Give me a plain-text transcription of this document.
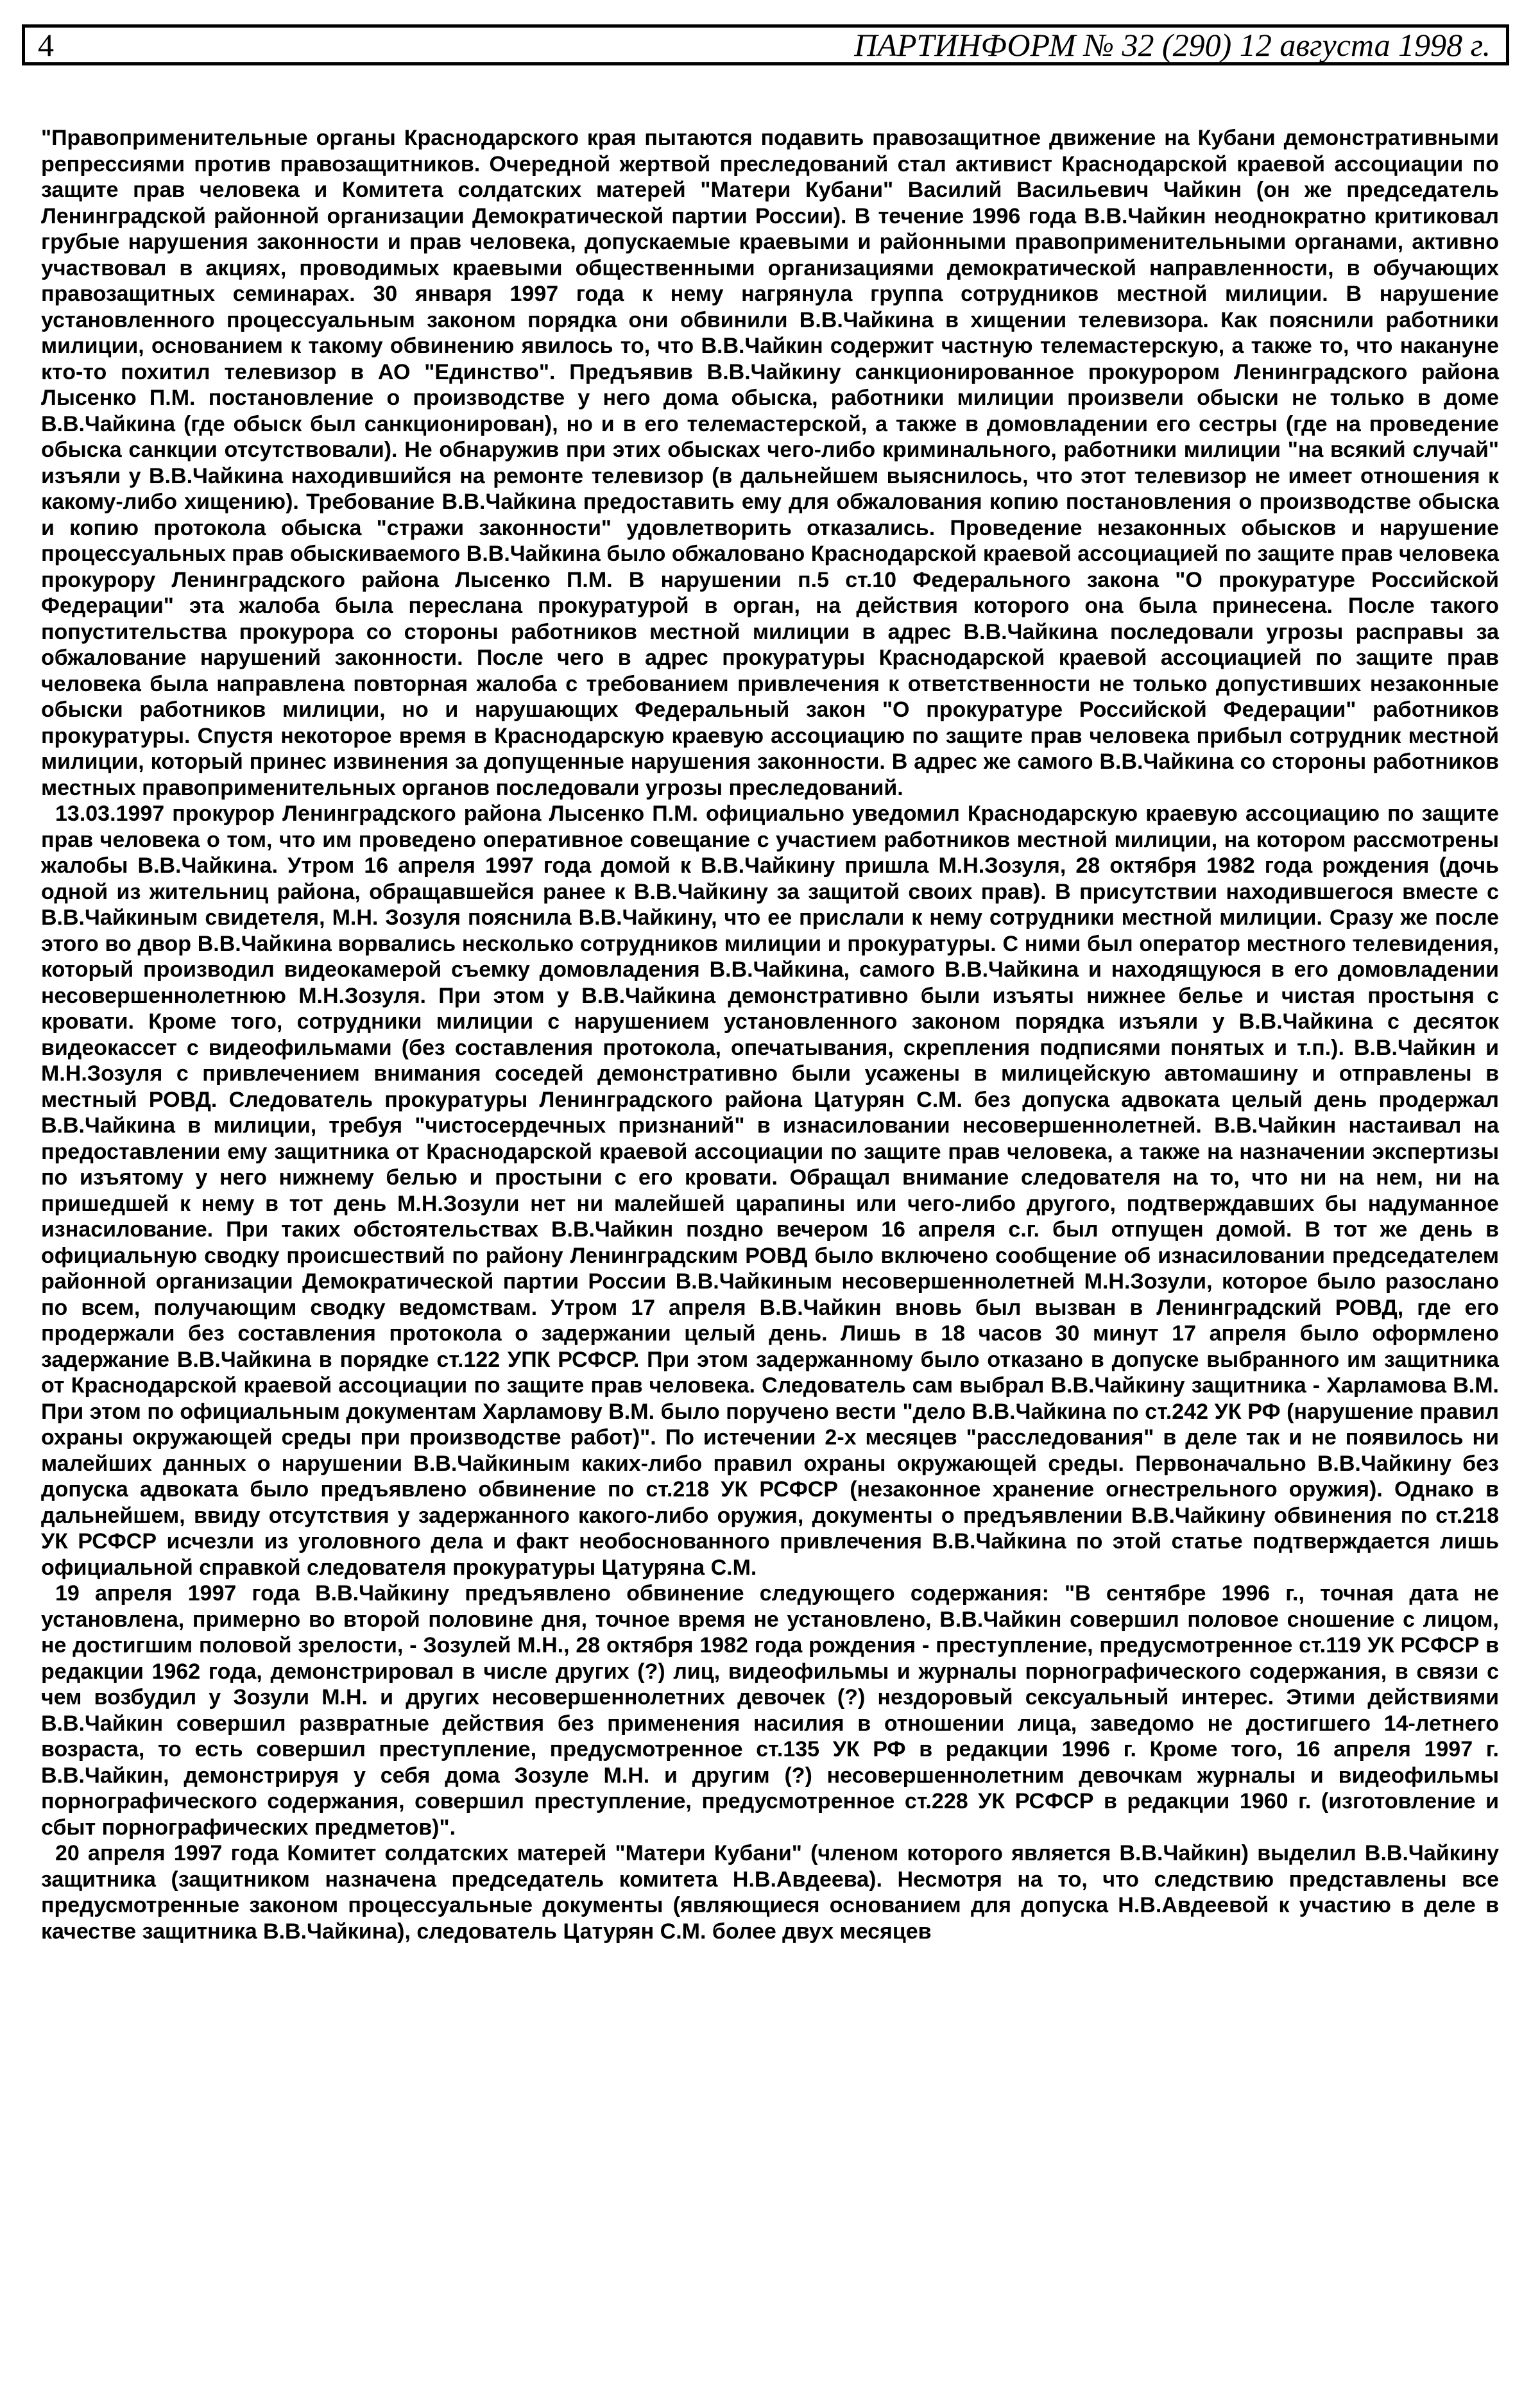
4	ПАРТИНФОРМ № 32 (290) 12 августа 1998 г.

"Правоприменительные органы Краснодарского края пытаются подавить правозащитное движение на Кубани демонстративными репрессиями против правозащитников. Очередной жертвой преследований стал активист Краснодарской краевой ассоциации по защите прав человека и Комитета солдатских матерей "Матери Кубани" Василий Васильевич Чайкин (он же председатель Ленинградской районной организации Демократической партии России). В течение 1996 года В.В.Чайкин неоднократно критиковал грубые нарушения законности и прав человека, допускаемые краевыми и районными правоприменительными органами, активно участвовал в акциях, проводимых краевыми общественными организациями демократической направленности, в обучающих правозащитных семинарах. 30 января 1997 года к нему нагрянула группа сотрудников местной милиции. В нарушение установленного процессуальным законом порядка они обвинили В.В.Чайкина в хищении телевизора. Как пояснили работники милиции, основанием к такому обвинению явилось то, что В.В.Чайкин содержит частную телемастерскую, а также то, что накануне кто-то похитил телевизор в АО "Единство". Предъявив В.В.Чайкину санкционированное прокурором Ленинградского района Лысенко П.М. постановление о производстве у него дома обыска, работники милиции произвели обыски не только в доме В.В.Чайкина (где обыск был санкционирован), но и в его телемастерской, а также в домовладении его сестры (где на проведение обыска санкции отсутствовали). Не обнаружив при этих обысках чего-либо криминального, работники милиции "на всякий случай" изъяли у В.В.Чайкина находившийся на ремонте телевизор (в дальнейшем выяснилось, что этот телевизор не имеет отношения к какому-либо хищению). Требование В.В.Чайкина предоставить ему для обжалования копию постановления о производстве обыска и копию протокола обыска "стражи законности" удовлетворить отказались. Проведение незаконных обысков и нарушение процессуальных прав обыскиваемого В.В.Чайкина было обжаловано Краснодарской краевой ассоциацией по защите прав человека прокурору Ленинградского района Лысенко П.М. В нарушении п.5 ст.10 Федерального закона "О прокуратуре Российской Федерации" эта жалоба была переслана прокуратурой в орган, на действия которого она была принесена. После такого попустительства прокурора со стороны работников местной милиции в адрес В.В.Чайкина последовали угрозы расправы за обжалование нарушений законности. После чего в адрес прокуратуры Краснодарской краевой ассоциацией по защите прав человека была направлена повторная жалоба с требованием привлечения к ответственности не только допустивших незаконные обыски работников милиции, но и нарушающих Федеральный закон "О прокуратуре Российской Федерации" работников прокуратуры. Спустя некоторое время в Краснодарскую краевую ассоциацию по защите прав человека прибыл сотрудник местной милиции, который принес извинения за допущенные нарушения законности. В адрес же самого В.В.Чайкина со стороны работников местных правоприменительных органов последовали угрозы преследований.

13.03.1997 прокурор Ленинградского района Лысенко П.М. официально уведомил Краснодарскую краевую ассоциацию по защите прав человека о том, что им проведено оперативное совещание с участием работников местной милиции, на котором рассмотрены жалобы В.В.Чайкина. Утром 16 апреля 1997 года домой к В.В.Чайкину пришла М.Н.Зозуля, 28 октября 1982 года рождения (дочь одной из жительниц района, обращавшейся ранее к В.В.Чайкину за защитой своих прав). В присутствии находившегося вместе с В.В.Чайкиным свидетеля, М.Н. Зозуля пояснила В.В.Чайкину, что ее прислали к нему сотрудники местной милиции. Сразу же после этого во двор В.В.Чайкина ворвались несколько сотрудников милиции и прокуратуры. С ними был оператор местного телевидения, который производил видеокамерой съемку домовладения В.В.Чайкина, самого В.В.Чайкина и находящуюся в его домовладении несовершеннолетнюю М.Н.Зозуля. При этом у В.В.Чайкина демонстративно были изъяты нижнее белье и чистая простыня с кровати. Кроме того, сотрудники милиции с нарушением установленного законом порядка изъяли у В.В.Чайкина с десяток видеокассет с видеофильмами (без составления протокола, опечатывания, скрепления подписями понятых и т.п.). В.В.Чайкин и М.Н.Зозуля с привлечением внимания соседей демонстративно были усажены в милицейскую автомашину и отправлены в местный РОВД. Следователь прокуратуры Ленинградского района Цатурян С.М. без допуска адвоката целый день продержал В.В.Чайкина в милиции, требуя "чистосердечных признаний" в изнасиловании несовершеннолетней. В.В.Чайкин настаивал на предоставлении ему защитника от Краснодарской краевой ассоциации по защите прав человека, а также на назначении экспертизы по изъятому у него нижнему белью и простыни с его кровати. Обращал внимание следователя на то, что ни на нем, ни на пришедшей к нему в тот день М.Н.Зозули нет ни малейшей царапины или чего-либо другого, подтверждавших бы надуманное изнасилование. При таких обстоятельствах В.В.Чайкин поздно вечером 16 апреля с.г. был отпущен домой. В тот же день в официальную сводку происшествий по району Ленинградским РОВД было включено сообщение об изнасиловании председателем районной организации Демократической партии России В.В.Чайкиным несовершеннолетней М.Н.Зозули, которое было разослано по всем, получающим сводку ведомствам. Утром 17 апреля В.В.Чайкин вновь был вызван в Ленинградский РОВД, где его продержали без составления протокола о задержании целый день. Лишь в 18 часов 30 минут 17 апреля было оформлено задержание В.В.Чайкина в порядке ст.122 УПК РСФСР. При этом задержанному было отказано в допуске выбранного им защитника от Краснодарской краевой ассоциации по защите прав человека. Следователь сам выбрал В.В.Чайкину защитника - Харламова В.М. При этом по официальным документам Харламову В.М. было поручено вести "дело В.В.Чайкина по ст.242 УК РФ (нарушение правил охраны окружающей среды при производстве работ)". По истечении 2-х месяцев "расследования" в деле так и не появилось ни малейших данных о нарушении В.В.Чайкиным каких-либо правил охраны окружающей среды. Первоначально В.В.Чайкину без допуска адвоката было предъявлено обвинение по ст.218 УК РСФСР (незаконное хранение огнестрельного оружия). Однако в дальнейшем, ввиду отсутствия у задержанного какого-либо оружия, документы о предъявлении В.В.Чайкину обвинения по ст.218 УК РСФСР исчезли из уголовного дела и факт необоснованного привлечения В.В.Чайкина по этой статье подтверждается лишь официальной справкой следователя прокуратуры Цатуряна С.М.

19 апреля 1997 года В.В.Чайкину предъявлено обвинение следующего содержания: "В сентябре 1996 г., точная дата не установлена, примерно во второй половине дня, точное время не установлено, В.В.Чайкин совершил половое сношение с лицом, не достигшим половой зрелости, - Зозулей М.Н., 28 октября 1982 года рождения - преступление, предусмотренное ст.119 УК РСФСР в редакции 1962 года, демонстрировал в числе других (?) лиц, видеофильмы и журналы порнографического содержания, в связи с чем возбудил у Зозули М.Н. и других несовершеннолетних девочек (?) нездоровый сексуальный интерес. Этими действиями В.В.Чайкин совершил развратные действия без применения насилия в отношении лица, заведомо не достигшего 14-летнего возраста, то есть совершил преступление, предусмотренное ст.135 УК РФ в редакции 1996 г. Кроме того, 16 апреля 1997 г. В.В.Чайкин, демонстрируя у себя дома Зозуле М.Н. и другим (?) несовершеннолетним девочкам журналы и видеофильмы порнографического содержания, совершил преступление, предусмотренное ст.228 УК РСФСР в редакции 1960 г. (изготовление и сбыт порнографических предметов)".

20 апреля 1997 года Комитет солдатских матерей "Матери Кубани" (членом которого является В.В.Чайкин) выделил В.В.Чайкину защитника (защитником назначена председатель комитета Н.В.Авдеева). Несмотря на то, что следствию представлены все предусмотренные законом процессуальные документы (являющиеся основанием для допуска Н.В.Авдеевой к участию в деле в качестве защитника В.В.Чайкина), следователь Цатурян С.М. более двух месяцев
